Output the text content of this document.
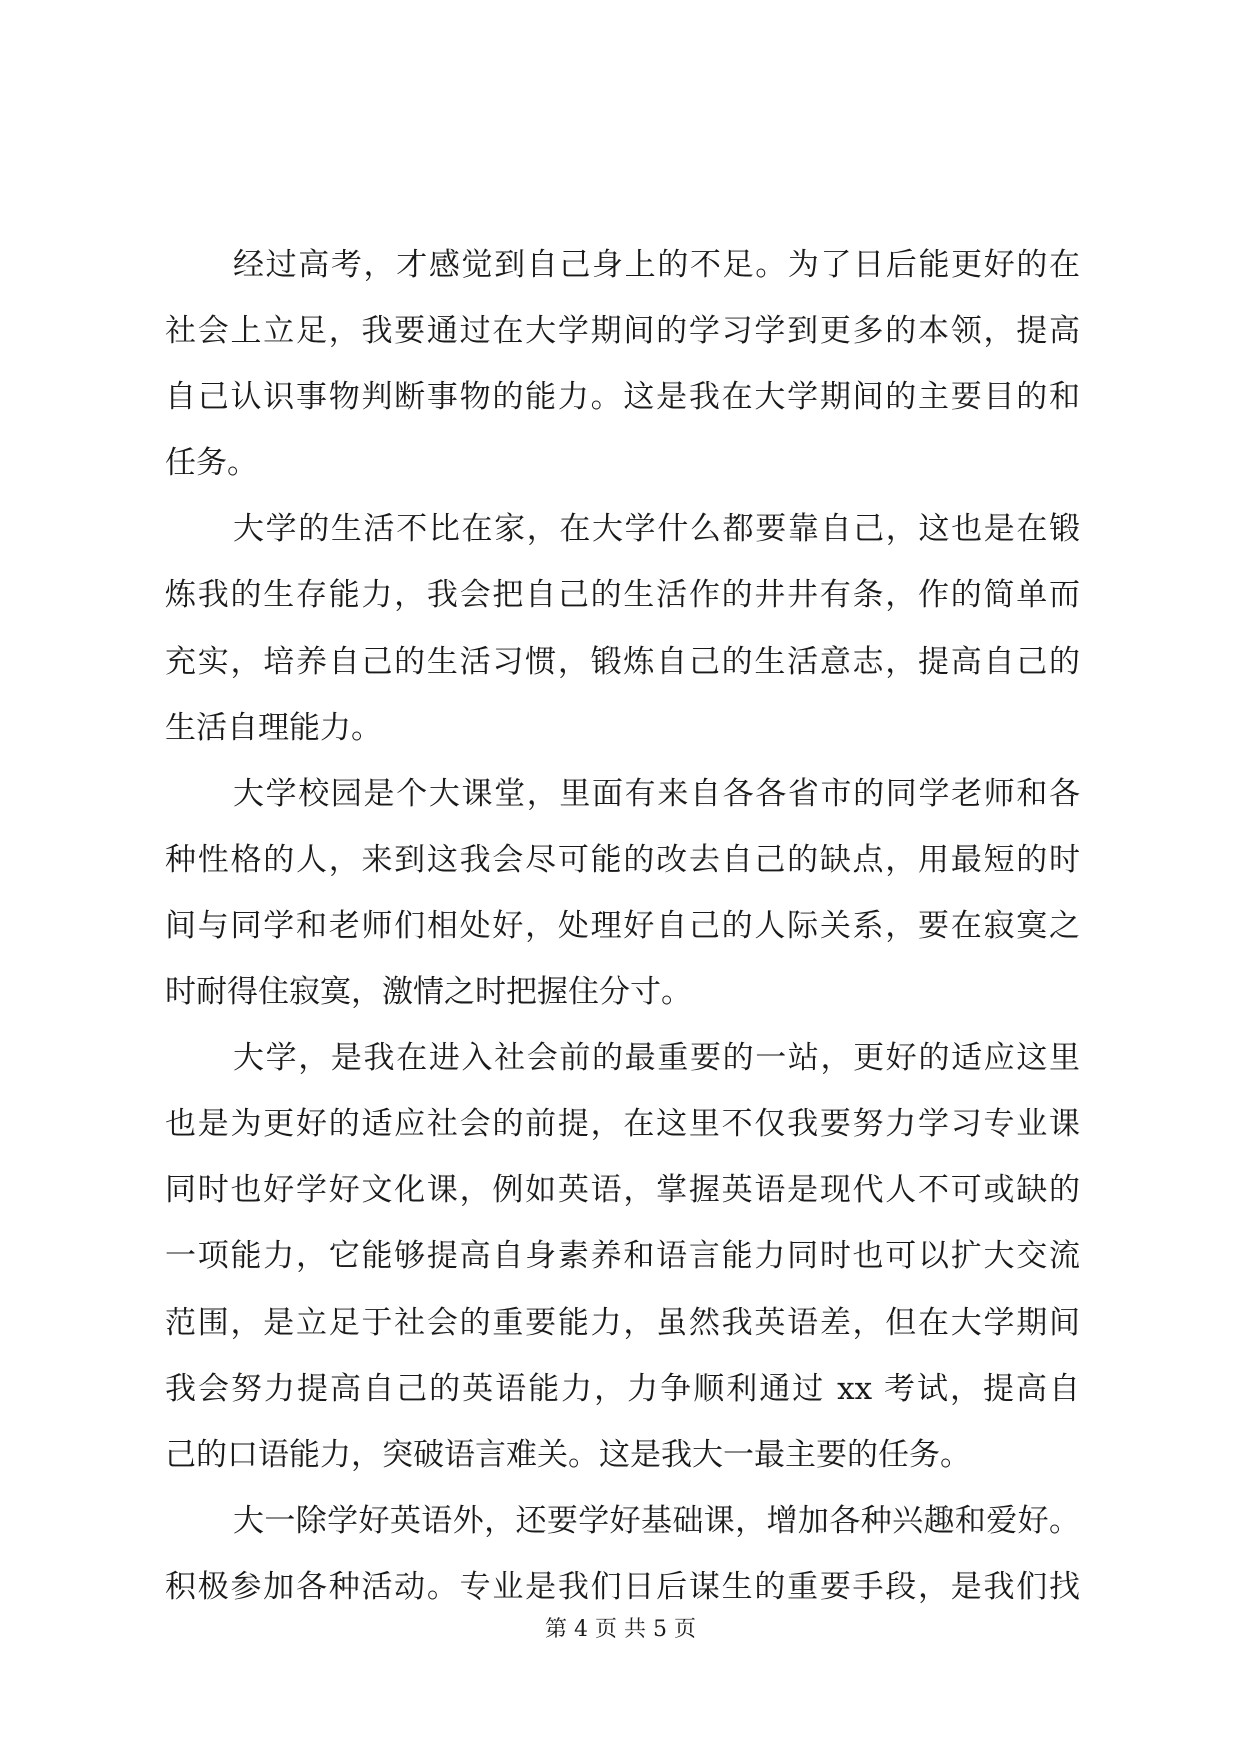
经过高考，才感觉到自己身上的不足。为了日后能更好的在
社会上立足，我要通过在大学期间的学习学到更多的本领，提高
自己认识事物判断事物的能力。这是我在大学期间的主要目的和
任务。
大学的生活不比在家，在大学什么都要靠自己，这也是在锻
炼我的生存能力，我会把自己的生活作的井井有条，作的简单而
充实，培养自己的生活习惯，锻炼自己的生活意志，提高自己的
生活自理能力。
大学校园是个大课堂，里面有来自各各省市的同学老师和各
种性格的人，来到这我会尽可能的改去自己的缺点，用最短的时
间与同学和老师们相处好，处理好自己的人际关系，要在寂寞之
时耐得住寂寞，激情之时把握住分寸。
大学，是我在进入社会前的最重要的一站，更好的适应这里
也是为更好的适应社会的前提，在这里不仅我要努力学习专业课
同时也好学好文化课，例如英语，掌握英语是现代人不可或缺的
一项能力，它能够提高自身素养和语言能力同时也可以扩大交流
范围，是立足于社会的重要能力，虽然我英语差，但在大学期间
我会努力提高自己的英语能力，力争顺利通过 xx 考试，提高自
己的口语能力，突破语言难关。这是我大一最主要的任务。
大一除学好英语外，还要学好基础课，增加各种兴趣和爱好。
积极参加各种活动。专业是我们日后谋生的重要手段，是我们找
第 4 页 共 5 页
